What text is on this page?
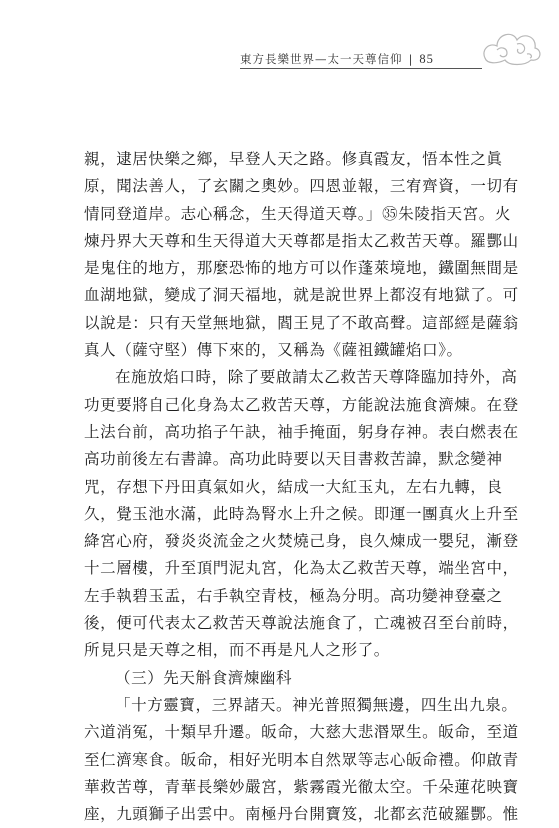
東方長樂世界—太一天尊信仰 | 85
親，逮居快樂之鄉，早登人天之路。修真霞友，悟本性之眞
原，聞法善人，了玄關之奧妙。四恩並報，三宥齊資，一切有
情同登道岸。志心稱念，生天得道天尊。」㉟朱陵指天宮。火
煉丹界大天尊和生天得道大天尊都是指太乙救苦天尊。羅酆山
是鬼住的地方，那麼恐怖的地方可以作蓬萊境地，鐵圍無間是
血湖地獄，變成了洞天福地，就是說世界上都沒有地獄了。可
以說是：只有天堂無地獄，閻王見了不敢高聲。這部經是薩翁
真人（薩守堅）傳下來的，又稱為《薩祖鐵罐焰口》。
在施放焰口時，除了要啟請太乙救苦天尊降臨加持外，高
功更要將自己化身為太乙救苦天尊，方能說法施食濟煉。在登
上法台前，高功掐子午訣，袖手掩面，躬身存神。表白燃表在
高功前後左右書諱。高功此時要以天目書救苦諱，默念變神
咒，存想下丹田真氣如火，結成一大紅玉丸，左右九轉，良
久，覺玉池水滿，此時為腎水上升之候。即運一團真火上升至
絳宮心府，發炎炎流金之火焚燒己身，良久煉成一嬰兒，漸登
十二層樓，升至頂門泥丸宮，化為太乙救苦天尊，端坐宮中，
左手執碧玉盂，右手執空青枝，極為分明。高功變神登臺之
後，便可代表太乙救苦天尊說法施食了，亡魂被召至台前時，
所見只是天尊之相，而不再是凡人之形了。
（三）先天斛食濟煉幽科
「十方靈寶，三界諸天。神光普照獨無邊，四生出九泉。
六道消冤，十類早升遷。皈命，大慈大悲湣眾生。皈命，至道
至仁濟寒食。皈命，相好光明本自然眾等志心皈命禮。仰啟青
華救苦尊，青華長樂妙嚴宮，紫霧霞光徹太空。千朵蓮花映寶
座，九頭獅子出雲中。南極丹台開寶笈，北都玄范破羅酆。惟
